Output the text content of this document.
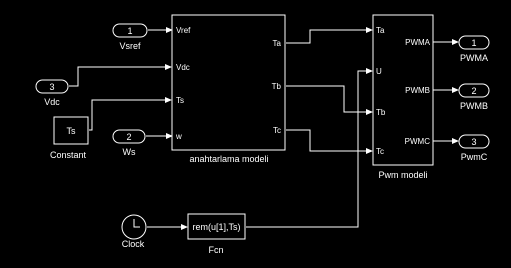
1
Vsref
3
Vdc
2
Ws
Ts
Constant
Clock
rem(u[1],Ts)
Fcn
Vref
Vdc
Ts
w
Ta
Tb
Tc
anahtarlama modeli
Ta
U
Tb
Tc
PWMA
PWMB
PWMC
Pwm modeli
1
PWMA
2
PWMB
3
PwmC
